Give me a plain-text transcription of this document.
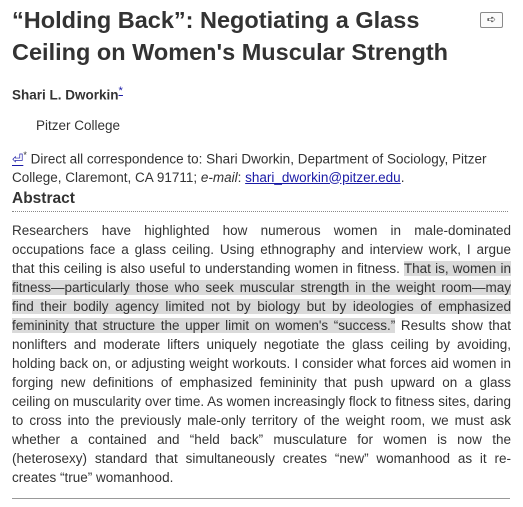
“Holding Back”: Negotiating a Glass Ceiling on Women's Muscular Strength
➪

Shari L. Dworkin*

Pitzer College

⏎* Direct all correspondence to: Shari Dworkin, Department of Sociology, Pitzer College, Claremont, CA 91711; e-mail: shari_dworkin@pitzer.edu.

Abstract

Researchers have highlighted how numerous women in male-dominated occupations face a glass ceiling. Using ethnography and interview work, I argue that this ceiling is also useful to understanding women in fitness. That is, women in fitness—particularly those who seek muscular strength in the weight room—may find their bodily agency limited not by biology but by ideologies of emphasized femininity that structure the upper limit on women's “success.” Results show that nonlifters and moderate lifters uniquely negotiate the glass ceiling by avoiding, holding back on, or adjusting weight workouts. I consider what forces aid women in forging new definitions of emphasized femininity that push upward on a glass ceiling on muscularity over time. As women increasingly flock to fitness sites, daring to cross into the previously male-only territory of the weight room, we must ask whether a contained and “held back” musculature for women is now the (heterosexy) standard that simultaneously creates “new” womanhood as it re-creates “true” womanhood.
